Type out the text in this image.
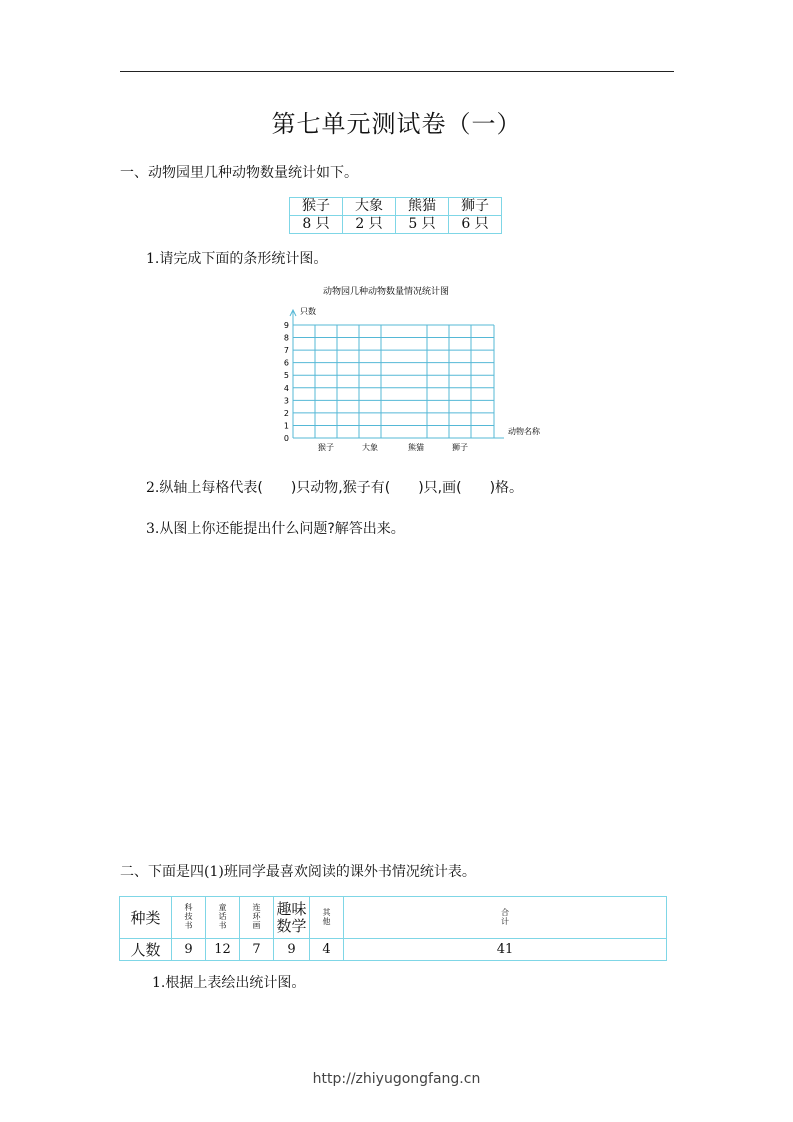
第七单元测试卷（一）
一、动物园里几种动物数量统计如下。
猴子	大象	熊猫	狮子
8 只	2 只	5 只	6 只
1.请完成下面的条形统计图。
动物园几种动物数量情况统计图
只数
动物名称
0
1
2
3
4
5
6
7
8
9
猴子	大象	熊猫	狮子
2.纵轴上每格代表(　　)只动物,猴子有(　　)只,画(　　)格。
3.从图上你还能提出什么问题?解答出来。
二、下面是四(1)班同学最喜欢阅读的课外书情况统计表。
种类	科技书	童话书	连环画	趣味数学	其他	合计
人数	9	12	7	9	4	41
1.根据上表绘出统计图。
http://zhiyugongfang.cn
